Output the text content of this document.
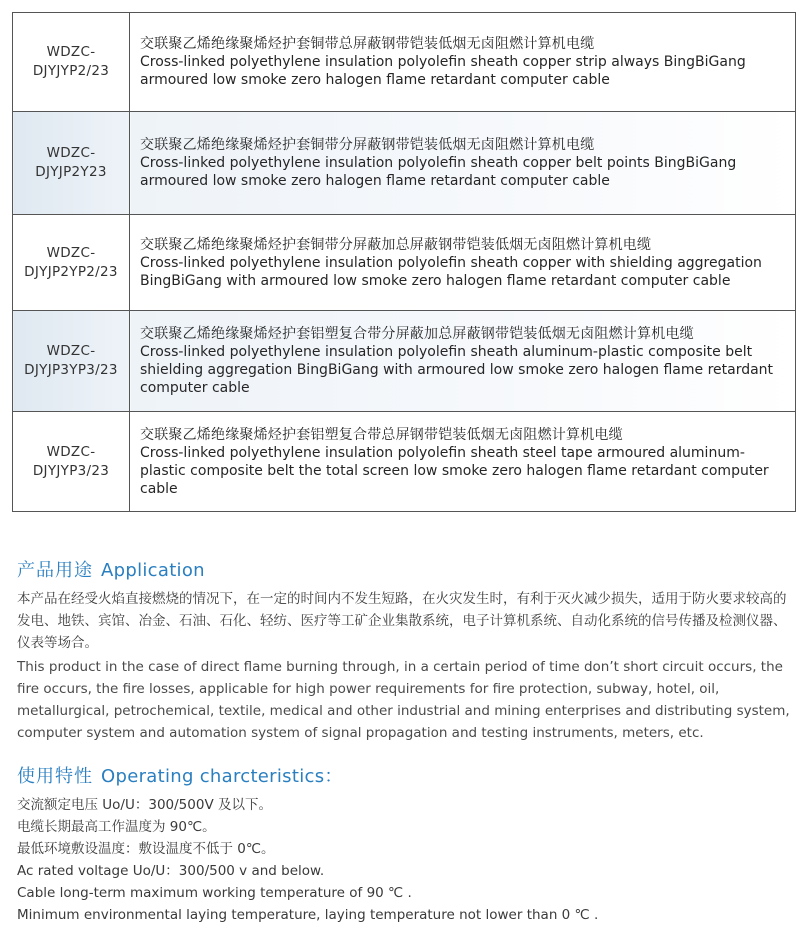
WDZC-
DJYJYP2/23	交联聚乙烯绝缘聚烯烃护套铜带总屏蔽钢带铠装低烟无卤阻燃计算机电缆
Cross-linked polyethylene insulation polyolefin sheath copper strip always BingBiGang armoured low smoke zero halogen flame retardant computer cable

WDZC-
DJYJP2Y23	交联聚乙烯绝缘聚烯烃护套铜带分屏蔽钢带铠装低烟无卤阻燃计算机电缆
Cross-linked polyethylene insulation polyolefin sheath copper belt points BingBiGang armoured low smoke zero halogen flame retardant computer cable

WDZC-
DJYJP2YP2/23	交联聚乙烯绝缘聚烯烃护套铜带分屏蔽加总屏蔽钢带铠装低烟无卤阻燃计算机电缆
Cross-linked polyethylene insulation polyolefin sheath copper with shielding aggregation BingBiGang with armoured low smoke zero halogen flame retardant computer cable

WDZC-
DJYJP3YP3/23	交联聚乙烯绝缘聚烯烃护套铝塑复合带分屏蔽加总屏蔽钢带铠装低烟无卤阻燃计算机电缆
Cross-linked polyethylene insulation polyolefin sheath aluminum-plastic composite belt shielding aggregation BingBiGang with armoured low smoke zero halogen flame retardant computer cable

WDZC-
DJYJYP3/23	交联聚乙烯绝缘聚烯烃护套铝塑复合带总屏钢带铠装低烟无卤阻燃计算机电缆
Cross-linked polyethylene insulation polyolefin sheath steel tape armoured aluminum-plastic composite belt the total screen low smoke zero halogen flame retardant computer cable
产品用途 Application
本产品在经受火焰直接燃烧的情况下，在一定的时间内不发生短路，在火灾发生时，有利于灭火减少损失，适用于防火要求较高的发电、地铁、宾馆、冶金、石油、石化、轻纺、医疗等工矿企业集散系统，电子计算机系统、自动化系统的信号传播及检测仪器、仪表等场合。
This product in the case of direct flame burning through, in a certain period of time don’t short circuit occurs, the fire occurs, the fire losses, applicable for high power requirements for fire protection, subway, hotel, oil, metallurgical, petrochemical, textile, medical and other industrial and mining enterprises and distributing system, computer system and automation system of signal propagation and testing instruments, meters, etc.
使用特性 Operating charcteristics：
交流额定电压 Uo/U：300/500V 及以下。
电缆长期最高工作温度为 90℃。
最低环境敷设温度：敷设温度不低于 0℃。
Ac rated voltage Uo/U：300/500 v and below.
Cable long-term maximum working temperature of 90 ℃ .
Minimum environmental laying temperature, laying temperature not lower than 0 ℃ .
